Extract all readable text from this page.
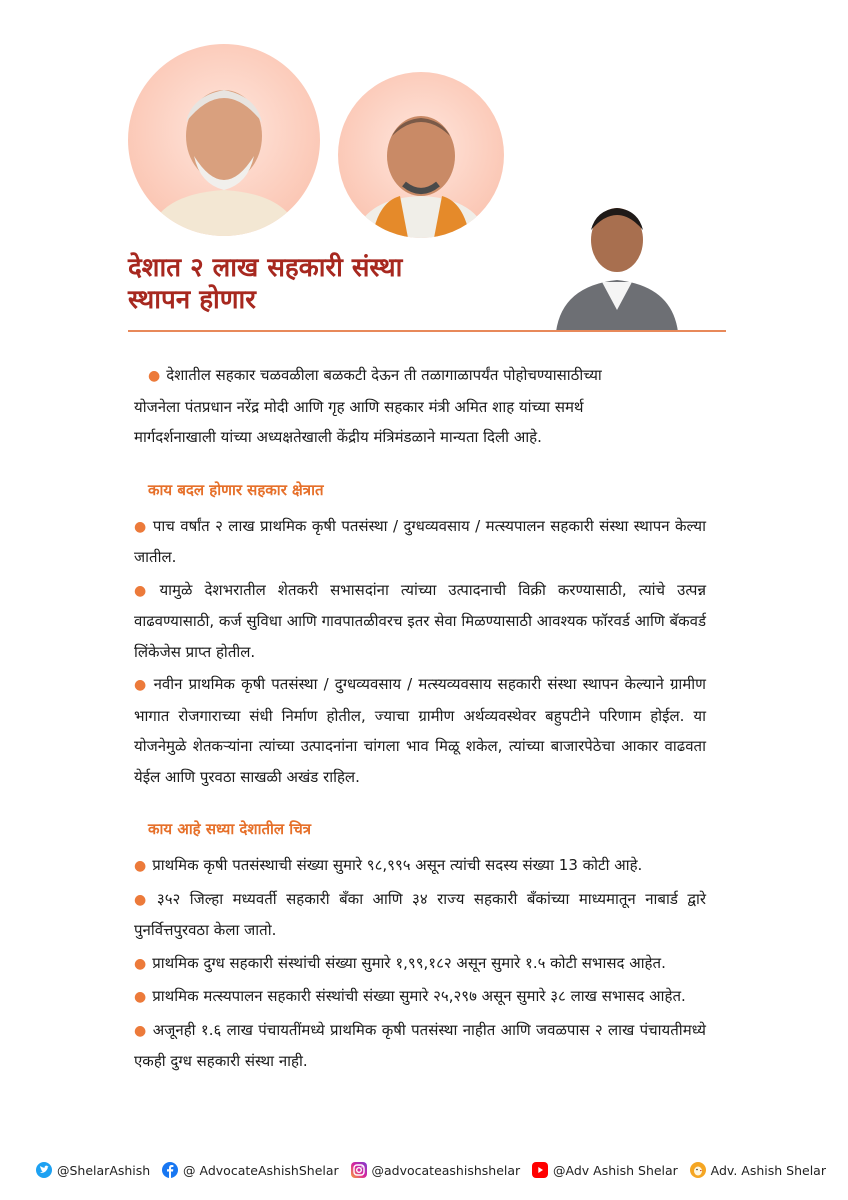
देशात २ लाख सहकारी संस्था
स्थापन होणार
● देशातील सहकार चळवळीला बळकटी देऊन ती तळागाळापर्यंत पोहोचण्यासाठीच्या
योजनेला पंतप्रधान नरेंद्र मोदी आणि गृह आणि सहकार मंत्री अमित शाह यांच्या समर्थ
मार्गदर्शनाखाली यांच्या अध्यक्षतेखाली केंद्रीय मंत्रिमंडळाने मान्यता दिली आहे.
काय बदल होणार सहकार क्षेत्रात
● पाच वर्षांत २ लाख प्राथमिक कृषी पतसंस्था / दुग्धव्यवसाय / मत्स्यपालन सहकारी संस्था स्थापन केल्या जातील.
● यामुळे देशभरातील शेतकरी सभासदांना त्यांच्या उत्पादनाची विक्री करण्यासाठी, त्यांचे उत्पन्न वाढवण्यासाठी, कर्ज सुविधा आणि गावपातळीवरच इतर सेवा मिळण्यासाठी आवश्यक फॉरवर्ड आणि बॅकवर्ड लिंकेजेस प्राप्त होतील.
● नवीन प्राथमिक कृषी पतसंस्था / दुग्धव्यवसाय / मत्स्यव्यवसाय सहकारी संस्था स्थापन केल्याने ग्रामीण भागात रोजगाराच्या संधी निर्माण होतील, ज्याचा ग्रामीण अर्थव्यवस्थेवर बहुपटीने परिणाम होईल. या योजनेमुळे शेतकऱ्यांना त्यांच्या उत्पादनांना चांगला भाव मिळू शकेल, त्यांच्या बाजारपेठेचा आकार वाढवता येईल आणि पुरवठा साखळी अखंड राहिल.
काय आहे सध्या देशातील चित्र
● प्राथमिक कृषी पतसंस्थाची संख्या सुमारे ९८,९९५ असून त्यांची सदस्य संख्या 13 कोटी आहे.
● ३५२ जिल्हा मध्यवर्ती सहकारी बँका आणि ३४ राज्य सहकारी बँकांच्या माध्यमातून नाबार्ड द्वारे पुनर्वित्तपुरवठा केला जातो.
● प्राथमिक दुग्ध सहकारी संस्थांची संख्या सुमारे १,९९,१८२ असून सुमारे १.५ कोटी सभासद आहेत.
● प्राथमिक मत्स्यपालन सहकारी संस्थांची संख्या सुमारे २५,२९७ असून सुमारे ३८ लाख सभासद आहेत.
● अजूनही १.६ लाख पंचायतींमध्ये प्राथमिक कृषी पतसंस्था नाहीत आणि जवळपास २ लाख पंचायतीमध्ये एकही दुग्ध सहकारी संस्था नाही.
@ShelarAshish	@ AdvocateAshishShelar	@advocateashishshelar	@Adv Ashish Shelar	Adv. Ashish Shelar
